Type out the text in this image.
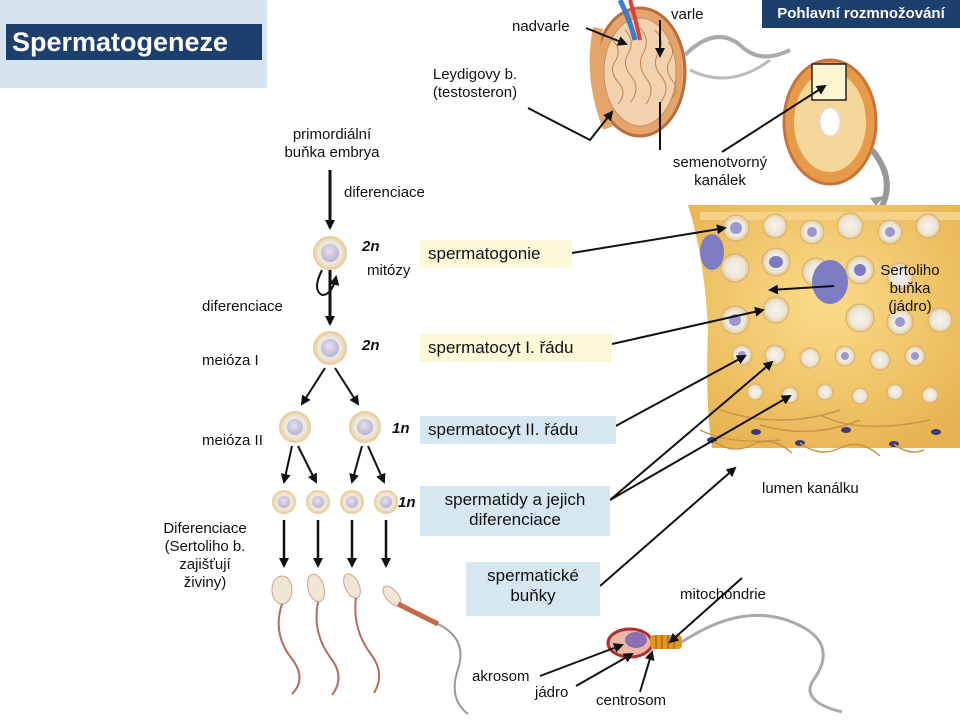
Spermatogeneze
Pohlavní rozmnožování
nadvarle
varle
Leydigovy b.
(testosteron)
primordiální
buňka embrya
diferenciace
semenotvorný
kanálek
Sertoliho
buňka
(jádro)
diferenciace
mitózy
meióza I
meióza II
Diferenciace
(Sertoliho b.
zajišťují
živiny)
2n
2n
1n
1n
spermatogonie
spermatocyt I. řádu
spermatocyt II. řádu
spermatidy a jejich
diferenciace
spermatické
buňky
lumen kanálku
mitochondrie
akrosom
jádro centrosom
